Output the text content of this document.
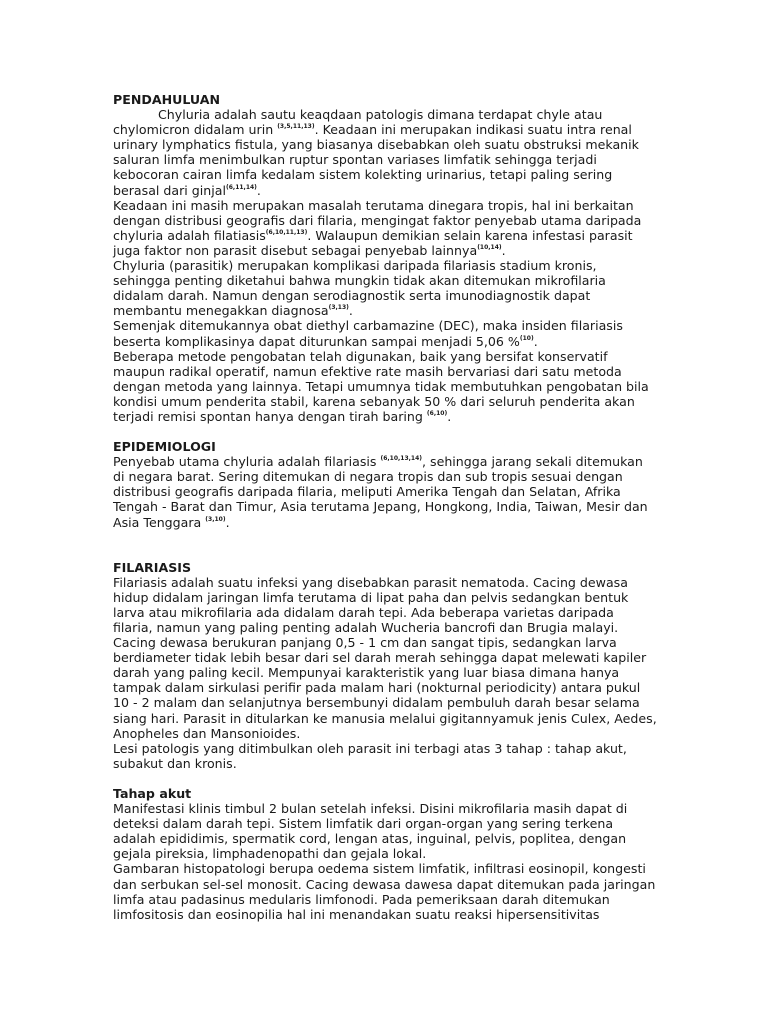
PENDAHULUAN
Chyluria adalah sautu keaqdaan patologis dimana terdapat chyle atau
chylomicron didalam urin $^{(3,5,11,13)}$. Keadaan ini merupakan indikasi suatu intra renal
urinary lymphatics fistula, yang biasanya disebabkan oleh suatu obstruksi mekanik
saluran limfa menimbulkan ruptur spontan variases limfatik sehingga terjadi
kebocoran cairan limfa kedalam sistem kolekting urinarius, tetapi paling sering
berasal dari ginjal$^{(6,11,14)}$.
Keadaan ini masih merupakan masalah terutama dinegara tropis, hal ini berkaitan
dengan distribusi geografis dari filaria, mengingat faktor penyebab utama daripada
chyluria adalah filatiasis$^{(6,10,11,13)}$. Walaupun demikian selain karena infestasi parasit
juga faktor non parasit disebut sebagai penyebab lainnya$^{(10,14)}$.
Chyluria (parasitik) merupakan komplikasi daripada filariasis stadium kronis,
sehingga penting diketahui bahwa mungkin tidak akan ditemukan mikrofilaria
didalam darah. Namun dengan serodiagnostik serta imunodiagnostik dapat
membantu menegakkan diagnosa$^{(3,13)}$.
Semenjak ditemukannya obat diethyl carbamazine (DEC), maka insiden filariasis
beserta komplikasinya dapat diturunkan sampai menjadi 5,06 %$^{(10)}$.
Beberapa metode pengobatan telah digunakan, baik yang bersifat konservatif
maupun radikal operatif, namun efektive rate masih bervariasi dari satu metoda
dengan metoda yang lainnya. Tetapi umumnya tidak membutuhkan pengobatan bila
kondisi umum penderita stabil, karena sebanyak 50 % dari seluruh penderita akan
terjadi remisi spontan hanya dengan tirah baring $^{(6,10)}$.
EPIDEMIOLOGI
Penyebab utama chyluria adalah filariasis $^{(6,10,13,14)}$, sehingga jarang sekali ditemukan
di negara barat. Sering ditemukan di negara tropis dan sub tropis sesuai dengan
distribusi geografis daripada filaria, meliputi Amerika Tengah dan Selatan, Afrika
Tengah - Barat dan Timur, Asia terutama Jepang, Hongkong, India, Taiwan, Mesir dan
Asia Tenggara $^{(3,10)}$.
FILARIASIS
Filariasis adalah suatu infeksi yang disebabkan parasit nematoda. Cacing dewasa
hidup didalam jaringan limfa terutama di lipat paha dan pelvis sedangkan bentuk
larva atau mikrofilaria ada didalam darah tepi. Ada beberapa varietas daripada
filaria, namun yang paling penting adalah Wucheria bancrofi dan Brugia malayi.
Cacing dewasa berukuran panjang 0,5 - 1 cm dan sangat tipis, sedangkan larva
berdiameter tidak lebih besar dari sel darah merah sehingga dapat melewati kapiler
darah yang paling kecil. Mempunyai karakteristik yang luar biasa dimana hanya
tampak dalam sirkulasi perifir pada malam hari (nokturnal periodicity) antara pukul
10 - 2 malam dan selanjutnya bersembunyi didalam pembuluh darah besar selama
siang hari. Parasit in ditularkan ke manusia melalui gigitannyamuk jenis Culex, Aedes,
Anopheles dan Mansonioides.
Lesi patologis yang ditimbulkan oleh parasit ini terbagi atas 3 tahap : tahap akut,
subakut dan kronis.
Tahap akut
Manifestasi klinis timbul 2 bulan setelah infeksi. Disini mikrofilaria masih dapat di
deteksi dalam darah tepi. Sistem limfatik dari organ-organ yang sering terkena
adalah epididimis, spermatik cord, lengan atas, inguinal, pelvis, poplitea, dengan
gejala pireksia, limphadenopathi dan gejala lokal.
Gambaran histopatologi berupa oedema sistem limfatik, infiltrasi eosinopil, kongesti
dan serbukan sel-sel monosit. Cacing dewasa dawesa dapat ditemukan pada jaringan
limfa atau padasinus medularis limfonodi. Pada pemeriksaan darah ditemukan
limfositosis dan eosinopilia hal ini menandakan suatu reaksi hipersensitivitas
